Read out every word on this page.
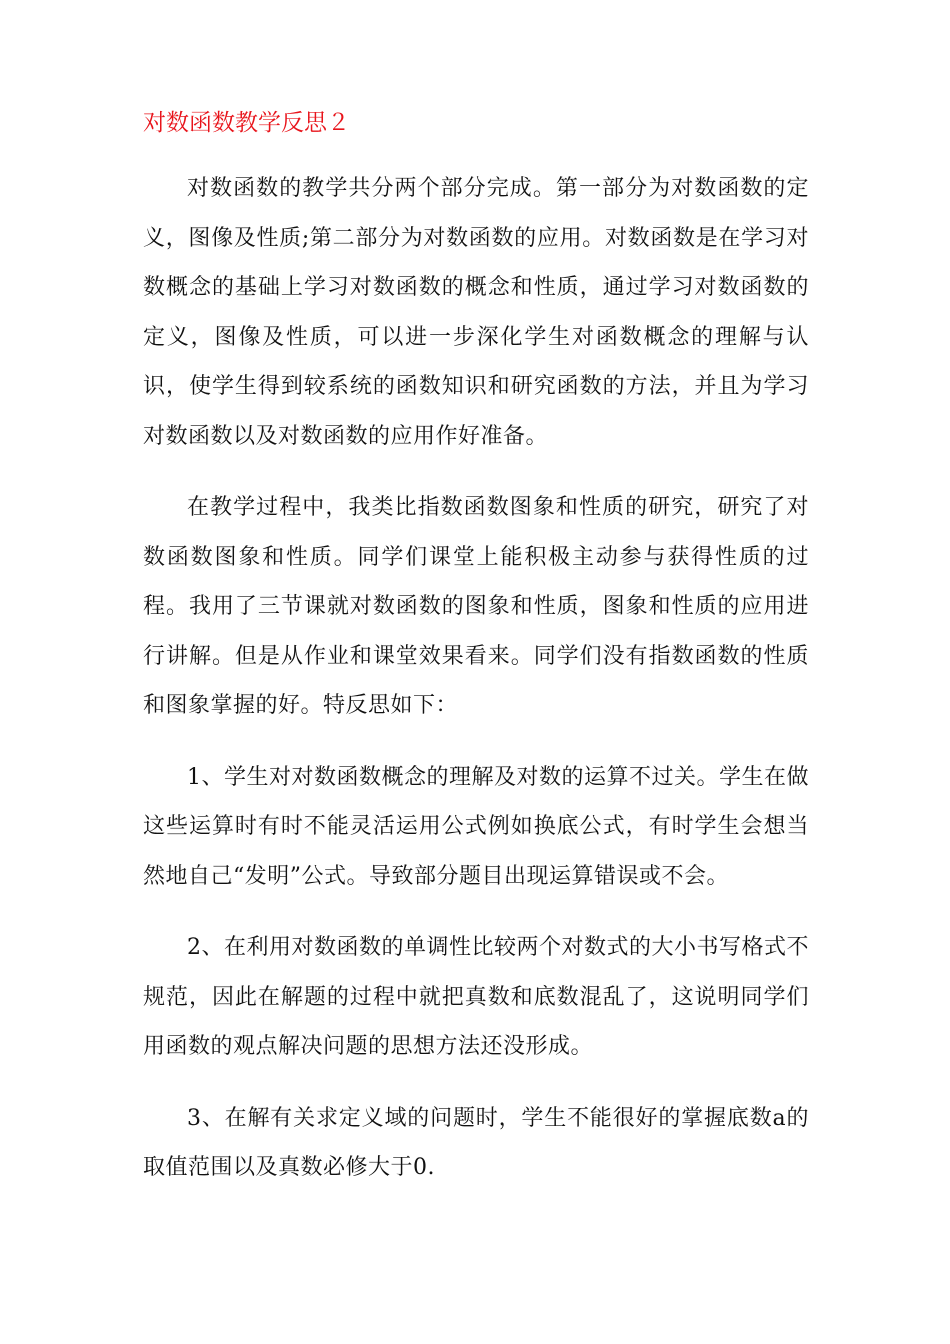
对数函数教学反思２

对数函数的教学共分两个部分完成。第一部分为对数函数的定义，图像及性质;第二部分为对数函数的应用。对数函数是在学习对数概念的基础上学习对数函数的概念和性质，通过学习对数函数的定义，图像及性质，可以进一步深化学生对函数概念的理解与认识，使学生得到较系统的函数知识和研究函数的方法，并且为学习对数函数以及对数函数的应用作好准备。

在教学过程中，我类比指数函数图象和性质的研究，研究了对数函数图象和性质。同学们课堂上能积极主动参与获得性质的过程。我用了三节课就对数函数的图象和性质，图象和性质的应用进行讲解。但是从作业和课堂效果看来。同学们没有指数函数的性质和图象掌握的好。特反思如下：

1、学生对对数函数概念的理解及对数的运算不过关。学生在做这些运算时有时不能灵活运用公式例如换底公式，有时学生会想当然地自己“发明”公式。导致部分题目出现运算错误或不会。

2、在利用对数函数的单调性比较两个对数式的大小书写格式不规范，因此在解题的过程中就把真数和底数混乱了，这说明同学们用函数的观点解决问题的思想方法还没形成。

3、在解有关求定义域的问题时，学生不能很好的掌握底数a的取值范围以及真数必修大于0.
